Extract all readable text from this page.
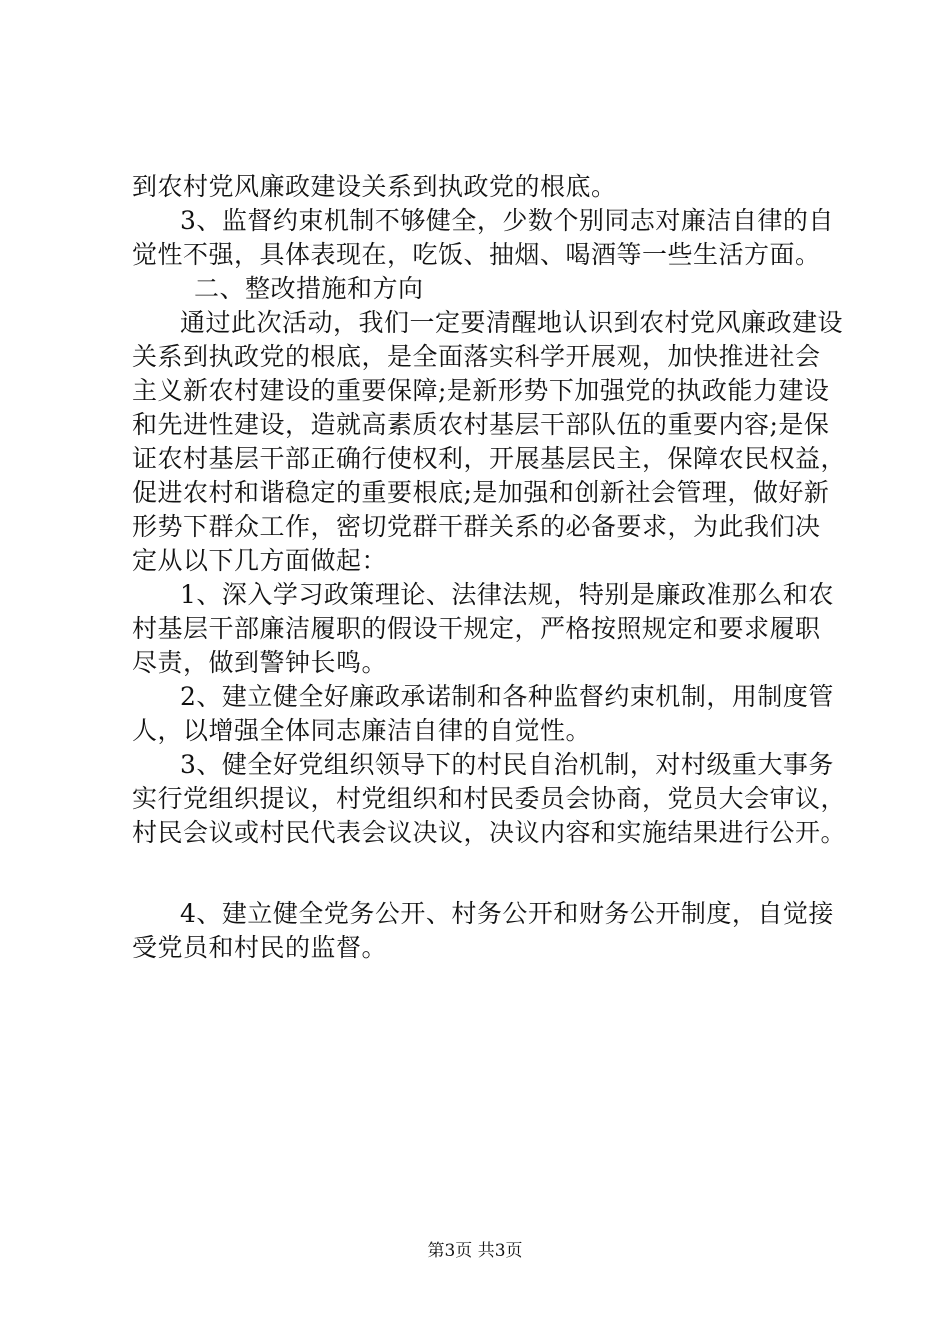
到农村党风廉政建设关系到执政党的根底。
3、监督约束机制不够健全，少数个别同志对廉洁自律的自
觉性不强，具体表现在，吃饭、抽烟、喝酒等一些生活方面。
二、整改措施和方向
通过此次活动，我们一定要清醒地认识到农村党风廉政建设
关系到执政党的根底，是全面落实科学开展观，加快推进社会
主义新农村建设的重要保障;是新形势下加强党的执政能力建设
和先进性建设，造就高素质农村基层干部队伍的重要内容;是保
证农村基层干部正确行使权利，开展基层民主，保障农民权益，
促进农村和谐稳定的重要根底;是加强和创新社会管理，做好新
形势下群众工作，密切党群干群关系的必备要求，为此我们决
定从以下几方面做起：
1、深入学习政策理论、法律法规，特别是廉政准那么和农
村基层干部廉洁履职的假设干规定，严格按照规定和要求履职
尽责，做到警钟长鸣。
2、建立健全好廉政承诺制和各种监督约束机制，用制度管
人，以增强全体同志廉洁自律的自觉性。
3、健全好党组织领导下的村民自治机制，对村级重大事务
实行党组织提议，村党组织和村民委员会协商，党员大会审议，
村民会议或村民代表会议决议，决议内容和实施结果进行公开。
4、建立健全党务公开、村务公开和财务公开制度，自觉接
受党员和村民的监督。
第3页 共3页
